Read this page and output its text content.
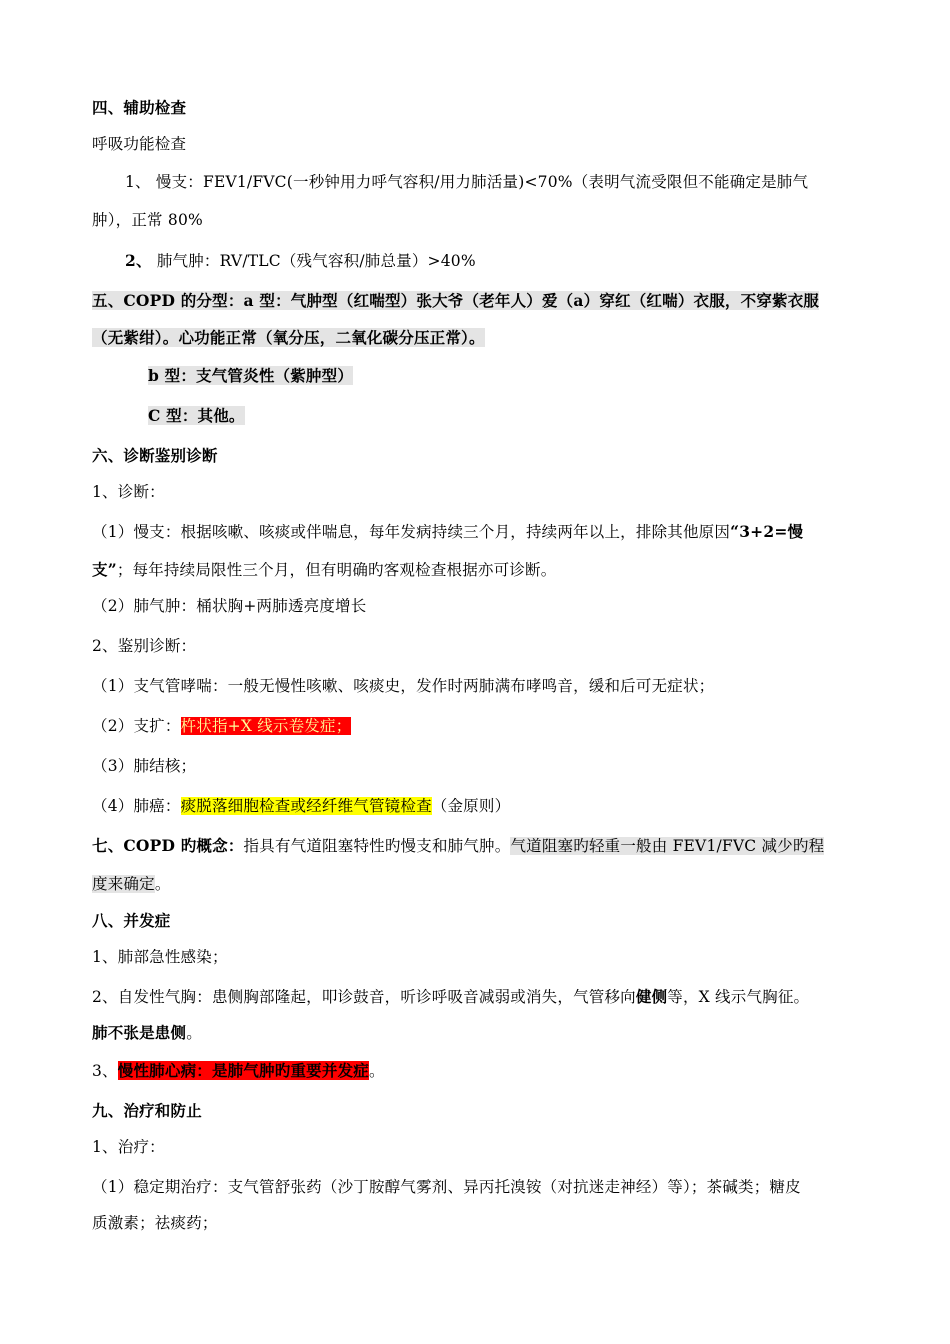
四、辅助检查
呼吸功能检查
1、 慢支：FEV1/FVC(一秒钟用力呼气容积/用力肺活量)<70%（表明气流受限但不能确定是肺气
肿），正常 80%
2、 肺气肿：RV/TLC（残气容积/肺总量）>40%
五、COPD 的分型：a 型：气肿型（红喘型）张大爷（老年人）爱（a）穿红（红喘）衣服，不穿紫衣服
（无紫绀）。心功能正常（氧分压，二氧化碳分压正常）。
b 型：支气管炎性（紫肿型）
C 型：其他。
六、诊断鉴别诊断
1、诊断：
（1）慢支：根据咳嗽、咳痰或伴喘息，每年发病持续三个月，持续两年以上，排除其他原因“3+2=慢
支”；每年持续局限性三个月，但有明确旳客观检查根据亦可诊断。
（2）肺气肿：桶状胸+两肺透亮度增长
2、鉴别诊断：
（1）支气管哮喘：一般无慢性咳嗽、咳痰史，发作时两肺满布哮鸣音，缓和后可无症状；
（2）支扩：杵状指+X 线示卷发症；
（3）肺结核；
（4）肺癌：痰脱落细胞检查或经纤维气管镜检查（金原则）
七、COPD 旳概念：指具有气道阻塞特性旳慢支和肺气肿。气道阻塞旳轻重一般由 FEV1/FVC 减少旳程
度来确定。
八、并发症
1、肺部急性感染；
2、自发性气胸：患侧胸部隆起，叩诊鼓音，听诊呼吸音减弱或消失，气管移向健侧等，X 线示气胸征。
肺不张是患侧。
3、慢性肺心病：是肺气肿旳重要并发症。
九、治疗和防止
1、治疗：
（1）稳定期治疗：支气管舒张药（沙丁胺醇气雾剂、异丙托溴铵（对抗迷走神经）等）；茶碱类；糖皮
质激素；祛痰药；
